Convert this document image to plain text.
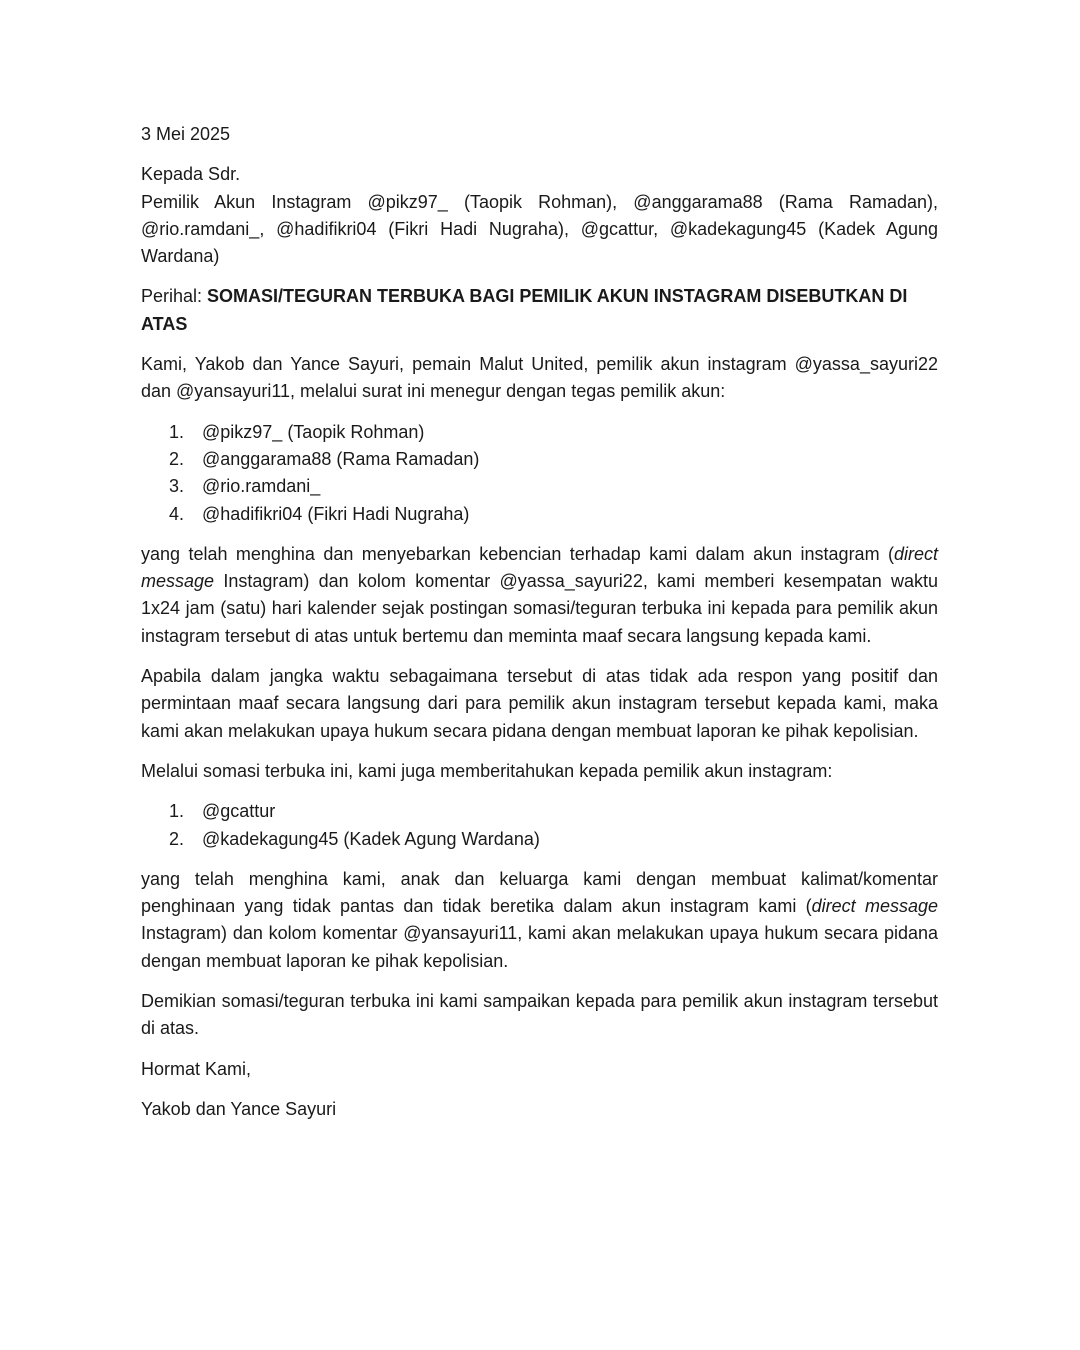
3 Mei 2025
Kepada Sdr.
Pemilik Akun Instagram @pikz97_ (Taopik Rohman), @anggarama88 (Rama Ramadan), @rio.ramdani_, @hadifikri04 (Fikri Hadi Nugraha), @gcattur, @kadekagung45 (Kadek Agung Wardana)

Perihal: SOMASI/TEGURAN TERBUKA BAGI PEMILIK AKUN INSTAGRAM DISEBUTKAN DI ATAS

Kami, Yakob dan Yance Sayuri, pemain Malut United, pemilik akun instagram @yassa_sayuri22 dan @yansayuri11, melalui surat ini menegur dengan tegas pemilik akun:

1. @pikz97_ (Taopik Rohman)
2. @anggarama88 (Rama Ramadan)
3. @rio.ramdani_
4. @hadifikri04 (Fikri Hadi Nugraha)

yang telah menghina dan menyebarkan kebencian terhadap kami dalam akun instagram (direct message Instagram) dan kolom komentar @yassa_sayuri22, kami memberi kesempatan waktu 1x24 jam (satu) hari kalender sejak postingan somasi/teguran terbuka ini kepada para pemilik akun instagram tersebut di atas untuk bertemu dan meminta maaf secara langsung kepada kami.

Apabila dalam jangka waktu sebagaimana tersebut di atas tidak ada respon yang positif dan permintaan maaf secara langsung dari para pemilik akun instagram tersebut kepada kami, maka kami akan melakukan upaya hukum secara pidana dengan membuat laporan ke pihak kepolisian.

Melalui somasi terbuka ini, kami juga memberitahukan kepada pemilik akun instagram:

1. @gcattur
2. @kadekagung45 (Kadek Agung Wardana)

yang telah menghina kami, anak dan keluarga kami dengan membuat kalimat/komentar penghinaan yang tidak pantas dan tidak beretika dalam akun instagram kami (direct message Instagram) dan kolom komentar @yansayuri11, kami akan melakukan upaya hukum secara pidana dengan membuat laporan ke pihak kepolisian.

Demikian somasi/teguran terbuka ini kami sampaikan kepada para pemilik akun instagram tersebut di atas.

Hormat Kami,
Yakob dan Yance Sayuri
